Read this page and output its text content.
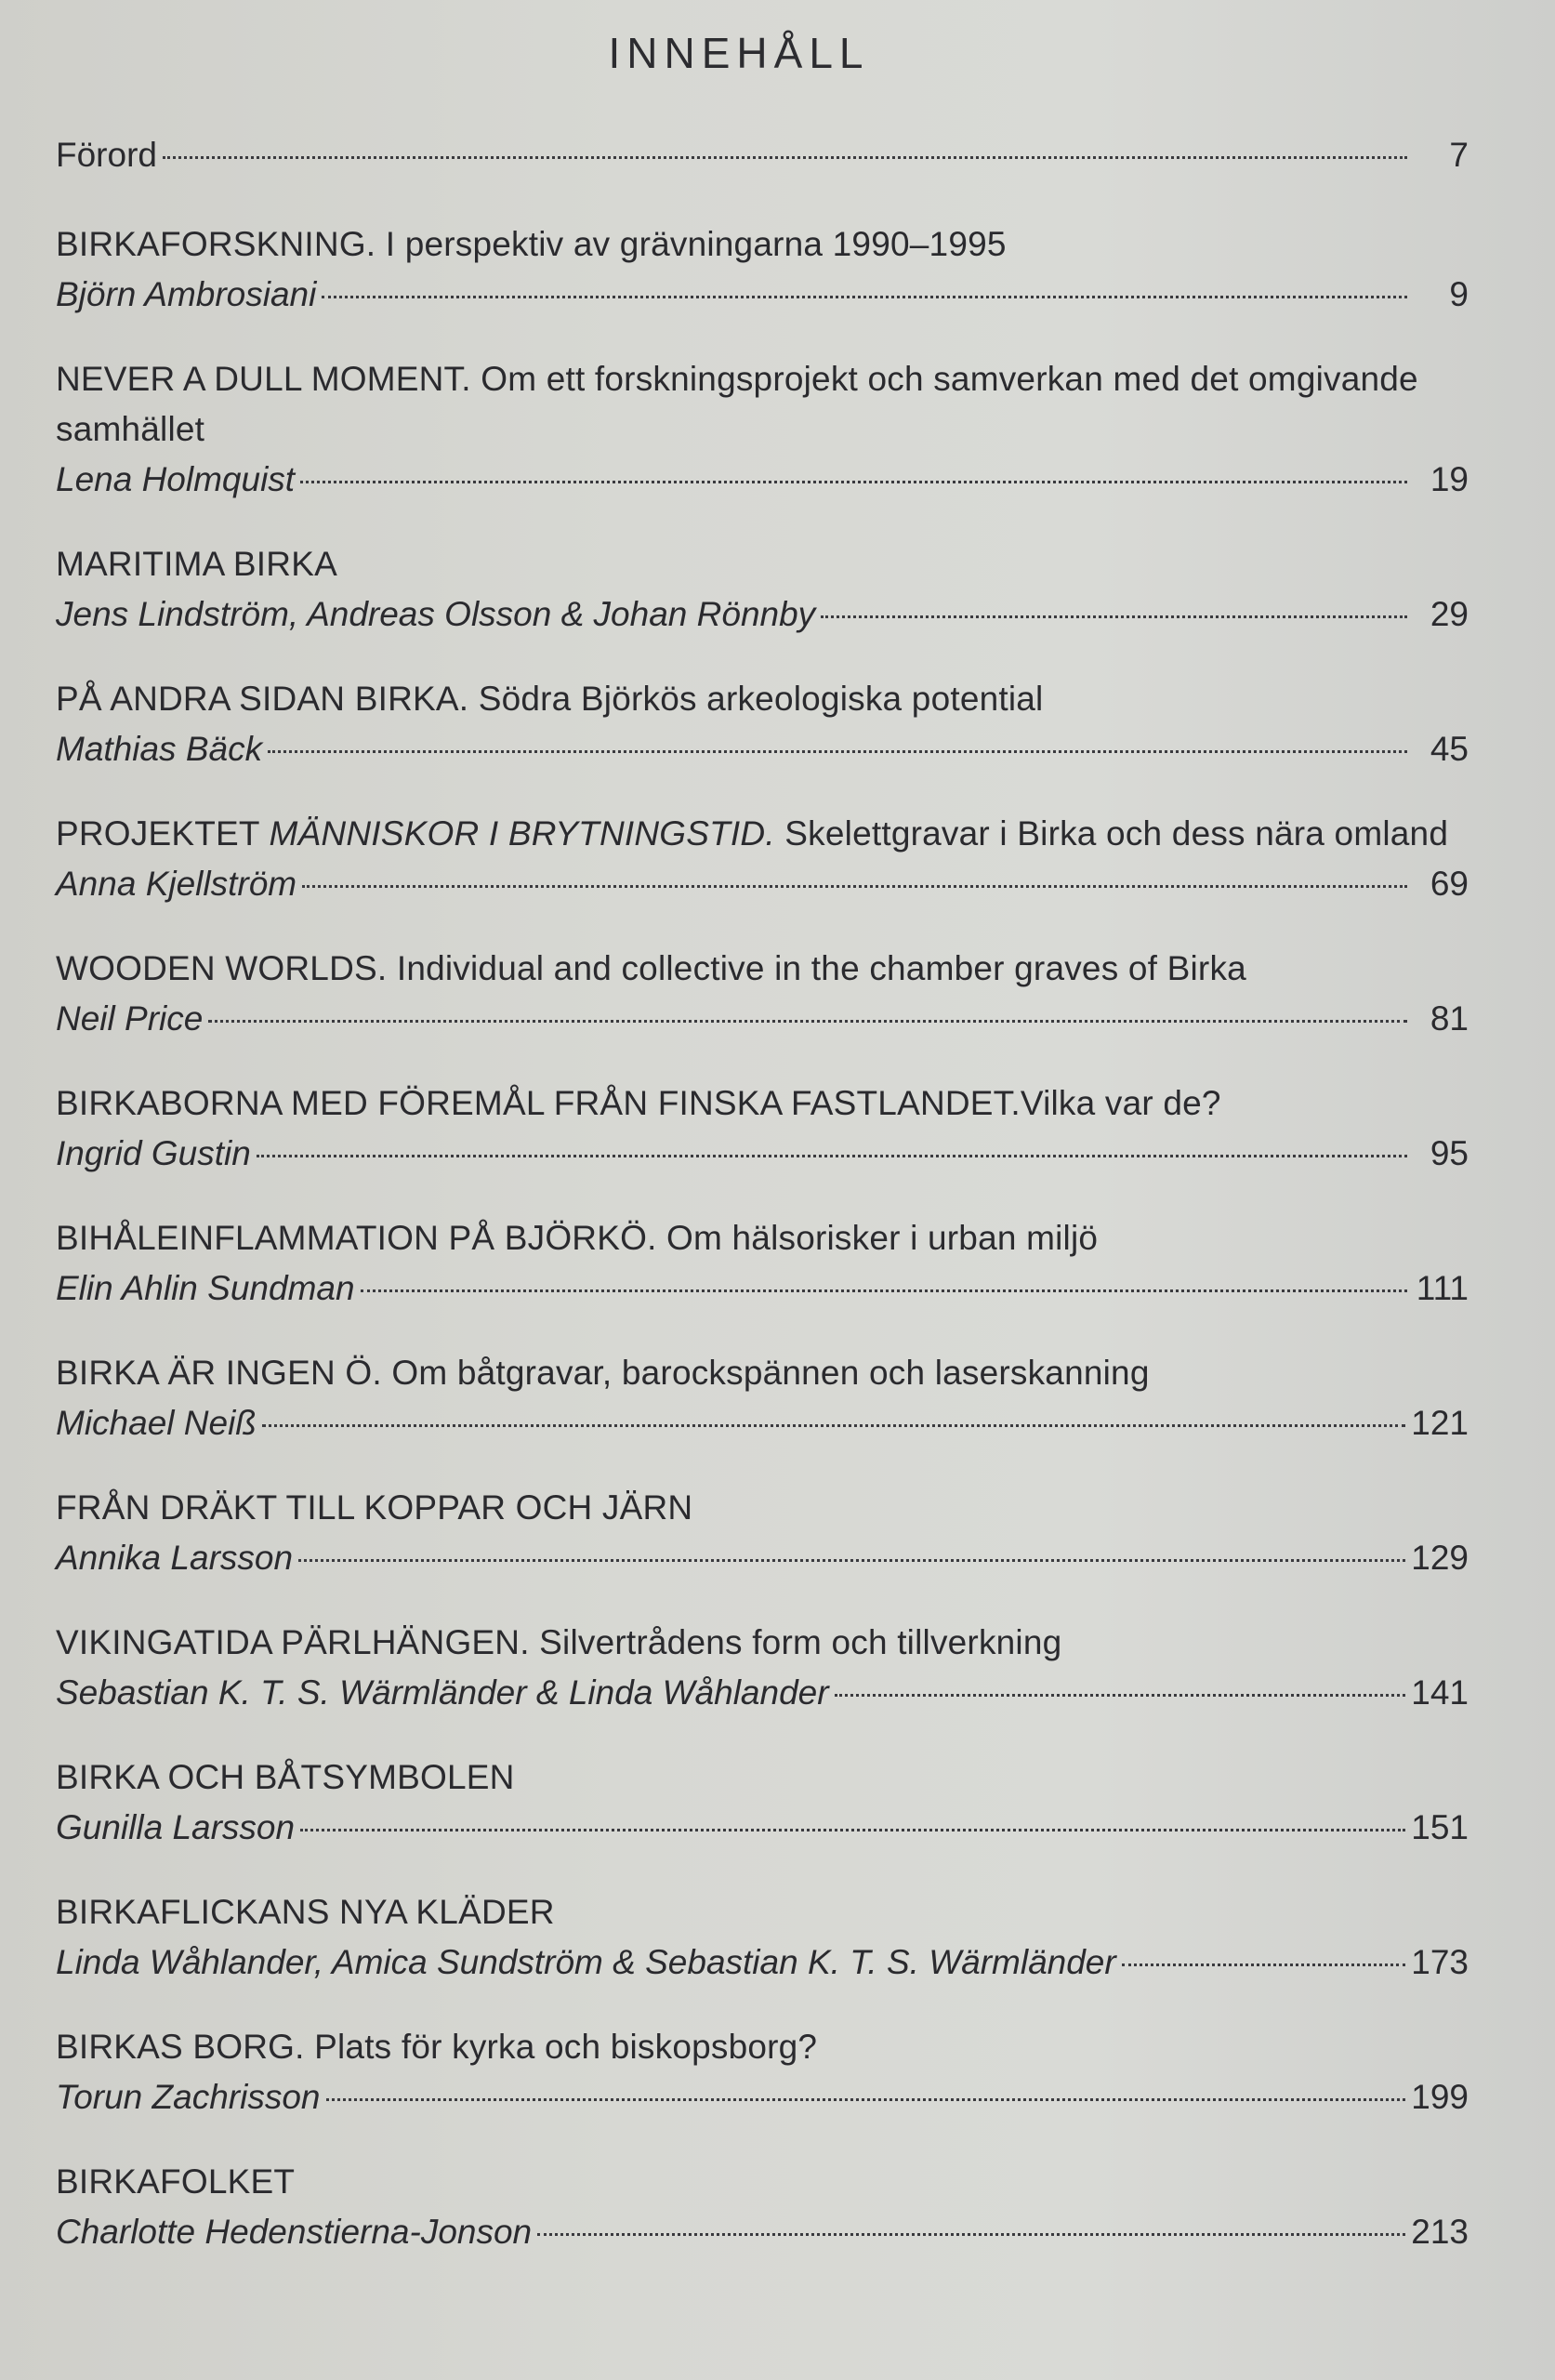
INNEHÅLL
Förord	7
BIRKAFORSKNING. I perspektiv av grävningarna 1990–1995
Björn Ambrosiani	9
NEVER A DULL MOMENT. Om ett forskningsprojekt och samverkan med det omgivande samhället
Lena Holmquist	19
MARITIMA BIRKA
Jens Lindström, Andreas Olsson & Johan Rönnby	29
PÅ ANDRA SIDAN BIRKA. Södra Björkös arkeologiska potential
Mathias Bäck	45
PROJEKTET MÄNNISKOR I BRYTNINGSTID. Skelettgravar i Birka och dess nära omland
Anna Kjellström	69
WOODEN WORLDS. Individual and collective in the chamber graves of Birka
Neil Price	81
BIRKABORNA MED FÖREMÅL FRÅN FINSKA FASTLANDET.Vilka var de?
Ingrid Gustin	95
BIHÅLEINFLAMMATION PÅ BJÖRKÖ. Om hälsorisker i urban miljö
Elin Ahlin Sundman	111
BIRKA ÄR INGEN Ö. Om båtgravar, barockspännen och laserskanning
Michael Neiß	121
FRÅN DRÄKT TILL KOPPAR OCH JÄRN
Annika Larsson	129
VIKINGATIDA PÄRLHÄNGEN. Silvertrådens form och tillverkning
Sebastian K. T. S. Wärmländer & Linda Wåhlander	141
BIRKA OCH BÅTSYMBOLEN
Gunilla Larsson	151
BIRKAFLICKANS NYA KLÄDER
Linda Wåhlander, Amica Sundström & Sebastian K. T. S. Wärmländer	173
BIRKAS BORG. Plats för kyrka och biskopsborg?
Torun Zachrisson	199
BIRKAFOLKET
Charlotte Hedenstierna-Jonson	213
